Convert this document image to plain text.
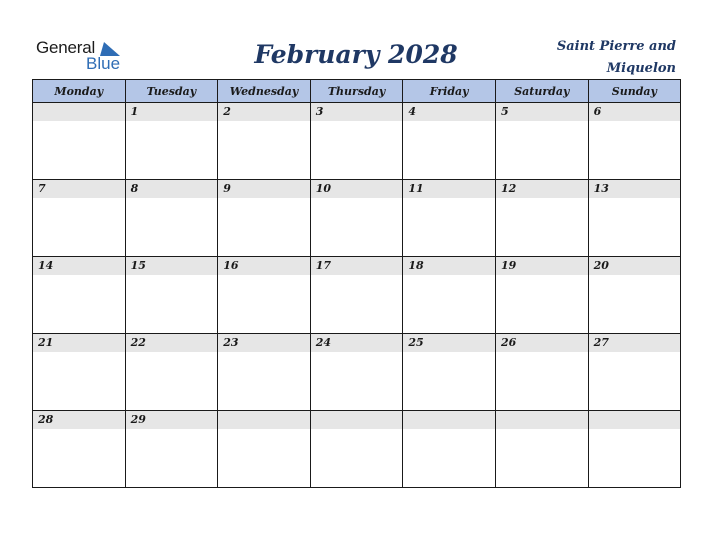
General
Blue	February 2028	Saint Pierre and
Miquelon
Monday	Tuesday	Wednesday	Thursday	Friday	Saturday	Sunday

	1	2	3	4	5	6

7	8	9	10	11	12	13

14	15	16	17	18	19	20

21	22	23	24	25	26	27

28	29					
